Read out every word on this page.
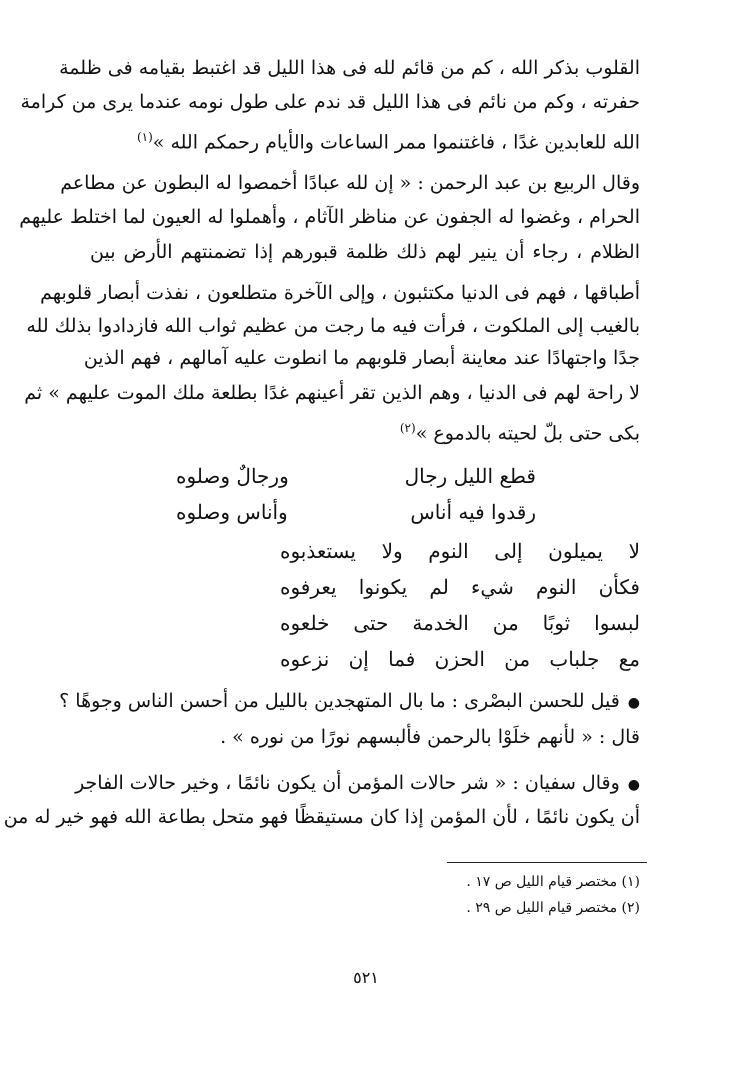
القلوب بذكر الله ، كم من قائم لله فى هذا الليل قد اغتبط بقيامه فى ظلمة
حفرته ، وكم من نائم فى هذا الليل قد ندم على طول نومه عندما يرى من كرامة
الله للعابدين غدًا ، فاغتنموا ممر الساعات والأيام رحمكم الله »$^{(١)}$
وقال الربيع بن عبد الرحمن : « إن لله عبادًا أخمصوا له البطون عن مطاعم
الحرام ، وغضوا له الجفون عن مناظر الآثام ، وأهملوا له العيون لما اختلط عليهم
الظلام ، رجاء أن ينير لهم ذلك ظلمة قبورهم إذا تضمنتهم الأرض بين
أطباقها ، فهم فى الدنيا مكتئبون ، وإلى الآخرة متطلعون ، نفذت أبصار قلوبهم
بالغيب إلى الملكوت ، فرأت فيه ما رجت من عظيم ثواب الله فازدادوا بذلك لله
جدًا واجتهادًا عند معاينة أبصار قلوبهم ما انطوت عليه آمالهم ، فهم الذين
لا راحة لهم فى الدنيا ، وهم الذين تقر أعينهم غدًا بطلعة ملك الموت عليهم » ثم
بكى حتى بلّ لحيته بالدموع »$^{(٢)}$
قطع الليل رجال
ورجالٌ وصلوه
رقدوا فيه أناس
وأناس وصلوه
لا يميلون إلى النوم ولا يستعذبوه
فكأن النوم شيء لم يكونوا يعرفوه
لبسوا ثوبًا من الخدمة حتى خلعوه
مع جلباب من الحزن فما إن نزعوه
●قيل للحسن البصْرى : ما بال المتهجدين بالليل من أحسن الناس وجوهًا ؟
قال : « لأنهم خلَوْا بالرحمن فألبسهم نورًا من نوره » .
●وقال سفيان : « شر حالات المؤمن أن يكون نائمًا ، وخير حالات الفاجر
أن يكون نائمًا ، لأن المؤمن إذا كان مستيقظًا فهو متحل بطاعة الله فهو خير له من
(١) مختصر قيام الليل ص ١٧ .
(٢) مختصر قيام الليل ص ٢٩ .
٥٢١
